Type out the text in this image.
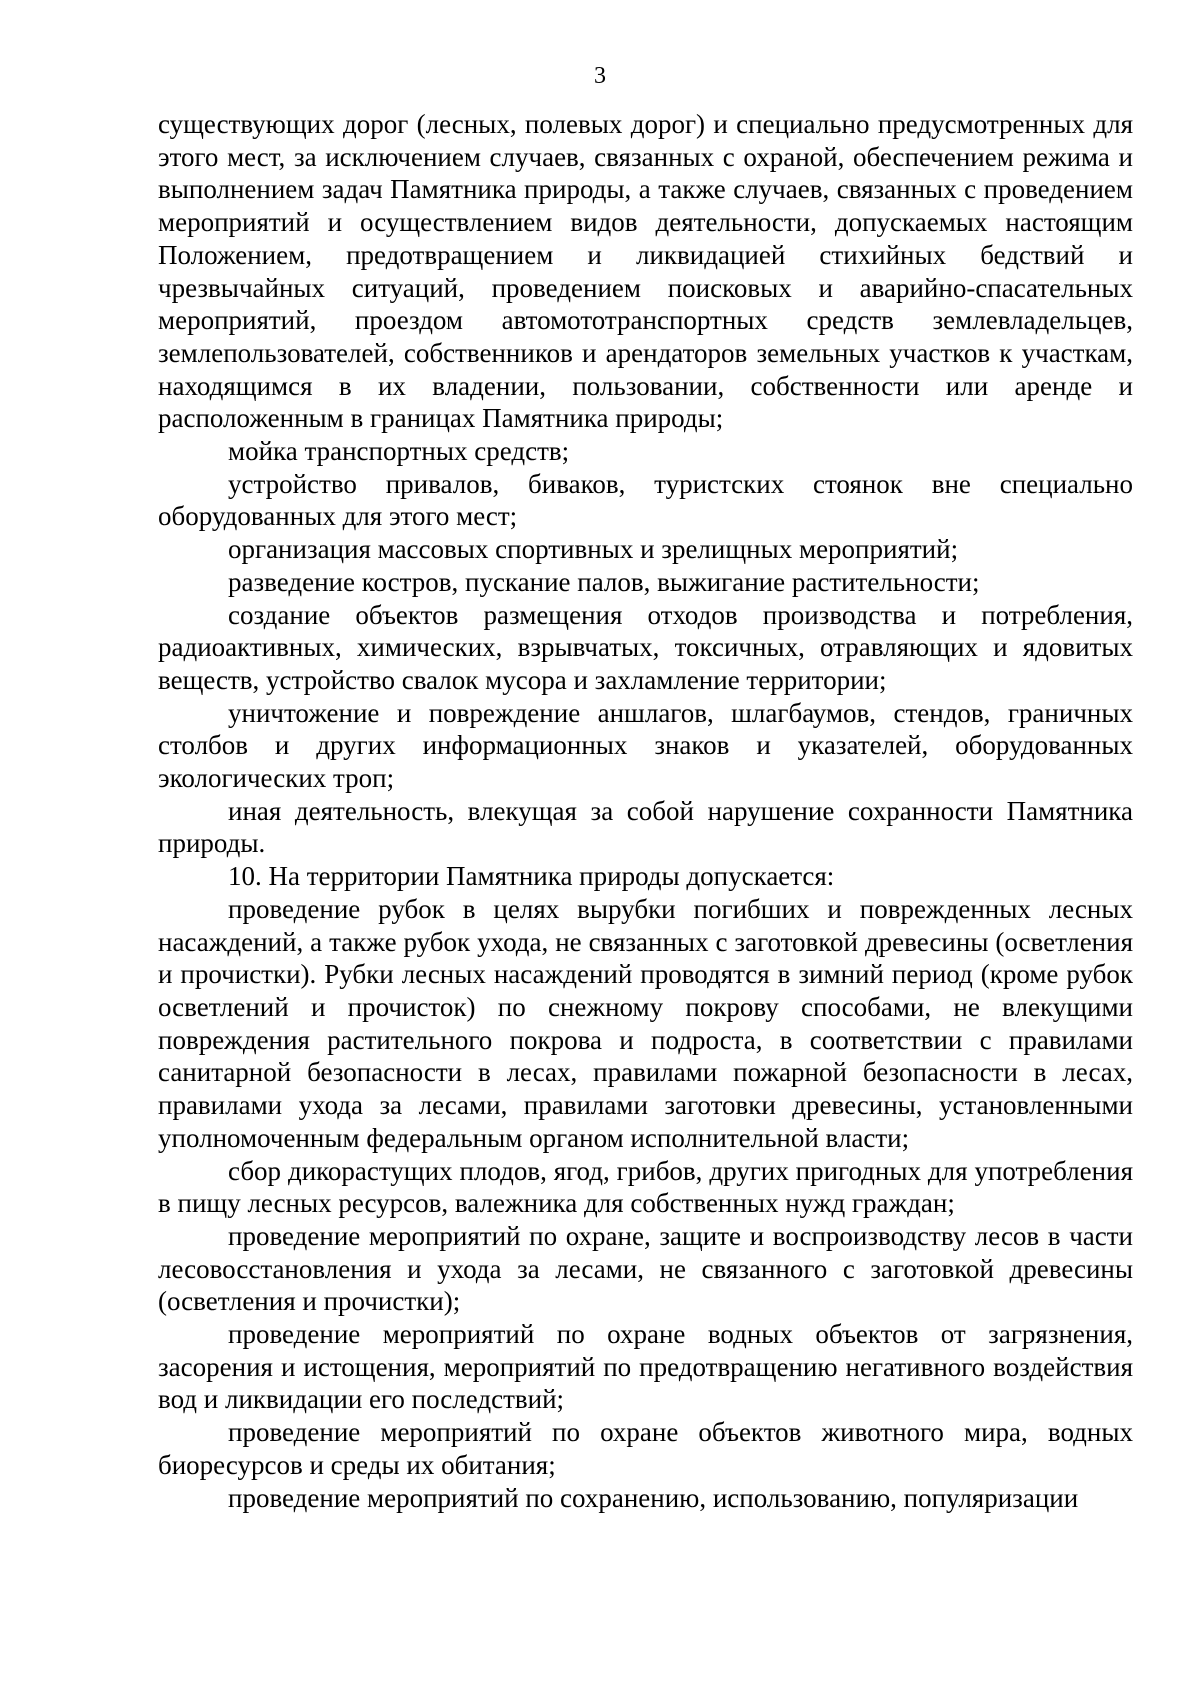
3

существующих дорог (лесных, полевых дорог) и специально предусмотренных для этого мест, за исключением случаев, связанных с охраной, обеспечением режима и выполнением задач Памятника природы, а также случаев, связанных с проведением мероприятий и осуществлением видов деятельности, допускаемых настоящим Положением, предотвращением и ликвидацией стихийных бедствий и чрезвычайных ситуаций, проведением поисковых и аварийно-спасательных мероприятий, проездом автомототранспортных средств землевладельцев, землепользователей, собственников и арендаторов земельных участков к участкам, находящимся в их владении, пользовании, собственности или аренде и расположенным в границах Памятника природы;

мойка транспортных средств;

устройство привалов, биваков, туристских стоянок вне специально оборудованных для этого мест;

организация массовых спортивных и зрелищных мероприятий;

разведение костров, пускание палов, выжигание растительности;

создание объектов размещения отходов производства и потребления, радиоактивных, химических, взрывчатых, токсичных, отравляющих и ядовитых веществ, устройство свалок мусора и захламление территории;

уничтожение и повреждение аншлагов, шлагбаумов, стендов, граничных столбов и других информационных знаков и указателей, оборудованных экологических троп;

иная деятельность, влекущая за собой нарушение сохранности Памятника природы.

10. На территории Памятника природы допускается:

проведение рубок в целях вырубки погибших и поврежденных лесных насаждений, а также рубок ухода, не связанных с заготовкой древесины (осветления и прочистки). Рубки лесных насаждений проводятся в зимний период (кроме рубок осветлений и прочисток) по снежному покрову способами, не влекущими повреждения растительного покрова и подроста, в соответствии с правилами санитарной безопасности в лесах, правилами пожарной безопасности в лесах, правилами ухода за лесами, правилами заготовки древесины, установленными уполномоченным федеральным органом исполнительной власти;

сбор дикорастущих плодов, ягод, грибов, других пригодных для употребления в пищу лесных ресурсов, валежника для собственных нужд граждан;

проведение мероприятий по охране, защите и воспроизводству лесов в части лесовосстановления и ухода за лесами, не связанного с заготовкой древесины (осветления и прочистки);

проведение мероприятий по охране водных объектов от загрязнения, засорения и истощения, мероприятий по предотвращению негативного воздействия вод и ликвидации его последствий;

проведение мероприятий по охране объектов животного мира, водных биоресурсов и среды их обитания;

проведение мероприятий по сохранению, использованию, популяризации
